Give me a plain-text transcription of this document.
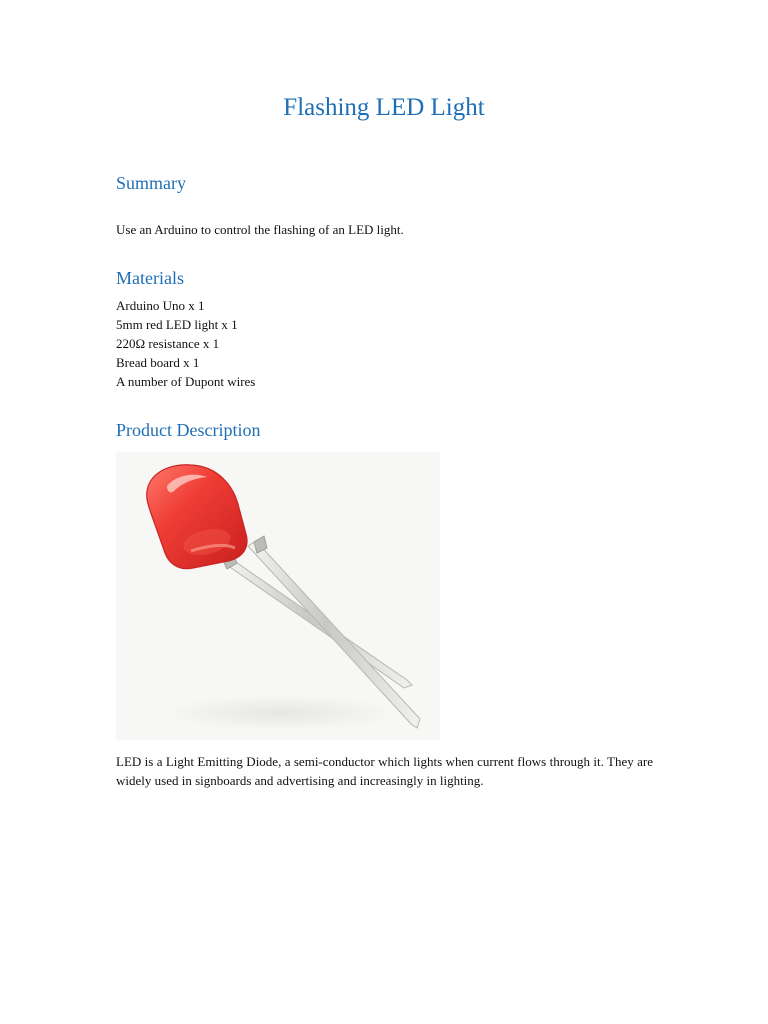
Flashing LED Light
Summary

Use an Arduino to control the flashing of an LED light.

Materials
Arduino Uno x 1
5mm red LED light x 1
220Ω resistance x 1
Bread board x 1
A number of Dupont wires
Product Description

LED is a Light Emitting Diode, a semi-conductor which lights when current flows through it. They are widely used in signboards and advertising and increasingly in lighting.
